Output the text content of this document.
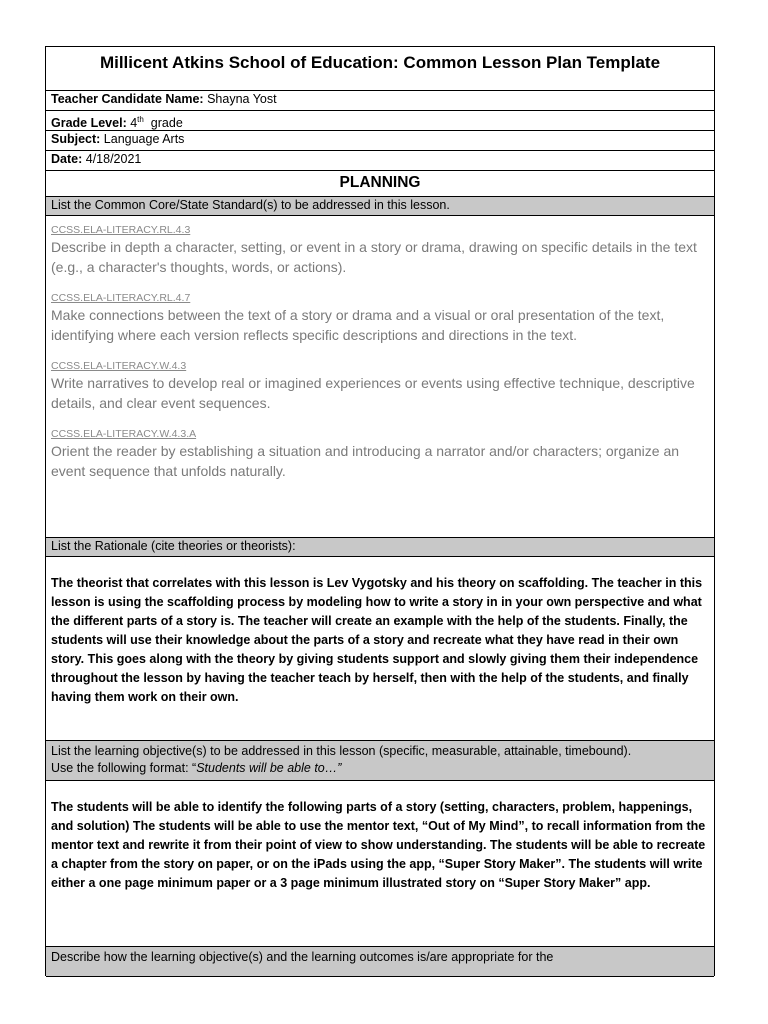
Millicent Atkins School of Education: Common Lesson Plan Template
Teacher Candidate Name: Shayna Yost
Grade Level: 4th grade
Subject: Language Arts
Date: 4/18/2021
PLANNING
List the Common Core/State Standard(s) to be addressed in this lesson.
CCSS.ELA-LITERACY.RL.4.3
Describe in depth a character, setting, or event in a story or drama, drawing on specific details in the text (e.g., a character's thoughts, words, or actions).
CCSS.ELA-LITERACY.RL.4.7
Make connections between the text of a story or drama and a visual or oral presentation of the text, identifying where each version reflects specific descriptions and directions in the text.
CCSS.ELA-LITERACY.W.4.3
Write narratives to develop real or imagined experiences or events using effective technique, descriptive details, and clear event sequences.
CCSS.ELA-LITERACY.W.4.3.A
Orient the reader by establishing a situation and introducing a narrator and/or characters; organize an event sequence that unfolds naturally.
List the Rationale (cite theories or theorists):
The theorist that correlates with this lesson is Lev Vygotsky and his theory on scaffolding. The teacher in this lesson is using the scaffolding process by modeling how to write a story in in your own perspective and what the different parts of a story is. The teacher will create an example with the help of the students. Finally, the students will use their knowledge about the parts of a story and recreate what they have read in their own story. This goes along with the theory by giving students support and slowly giving them their independence throughout the lesson by having the teacher teach by herself, then with the help of the students, and finally having them work on their own.
List the learning objective(s) to be addressed in this lesson (specific, measurable, attainable, timebound).
Use the following format: “Students will be able to…”
The students will be able to identify the following parts of a story (setting, characters, problem, happenings, and solution) The students will be able to use the mentor text, “Out of My Mind”, to recall information from the mentor text and rewrite it from their point of view to show understanding. The students will be able to recreate a chapter from the story on paper, or on the iPads using the app, “Super Story Maker”. The students will write either a one page minimum paper or a 3 page minimum illustrated story on “Super Story Maker” app.
Describe how the learning objective(s) and the learning outcomes is/are appropriate for the
